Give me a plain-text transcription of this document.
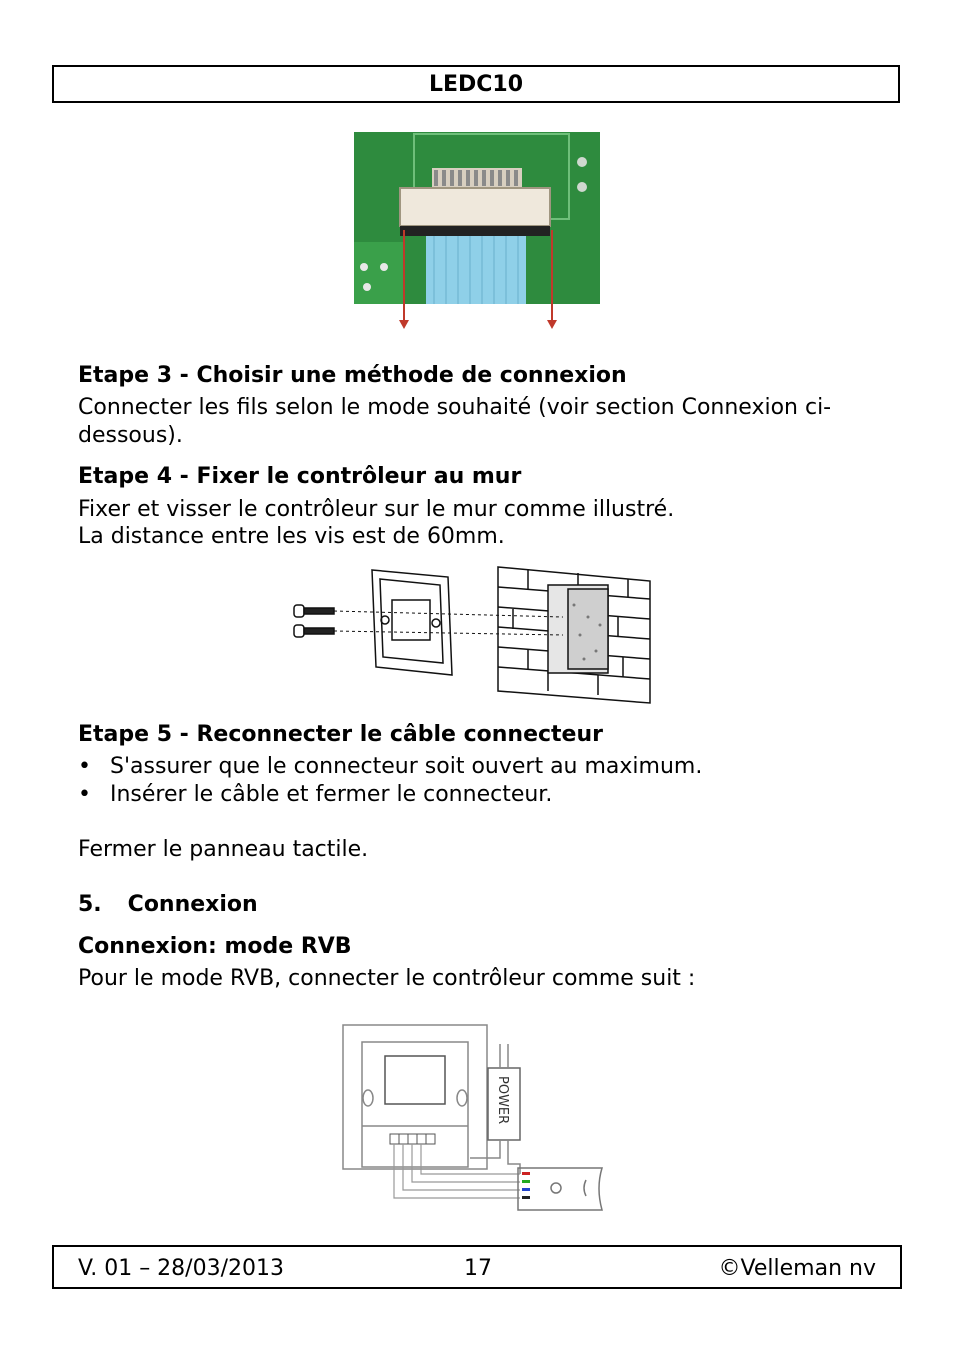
LEDC10
Etape 3 - Choisir une méthode de connexion
Connecter les fils selon le mode souhaité (voir section Connexion ci-
dessous).
Etape 4 - Fixer le contrôleur au mur
Fixer et visser le contrôleur sur le mur comme illustré.
La distance entre les vis est de 60mm.
Etape 5 - Reconnecter le câble connecteur
• S'assurer que le connecteur soit ouvert au maximum.
• Insérer le câble et fermer le connecteur.
Fermer le panneau tactile.
5. Connexion
Connexion: mode RVB
Pour le mode RVB, connecter le contrôleur comme suit :
POWER
V. 01 – 28/03/2013	17	©Velleman nv
